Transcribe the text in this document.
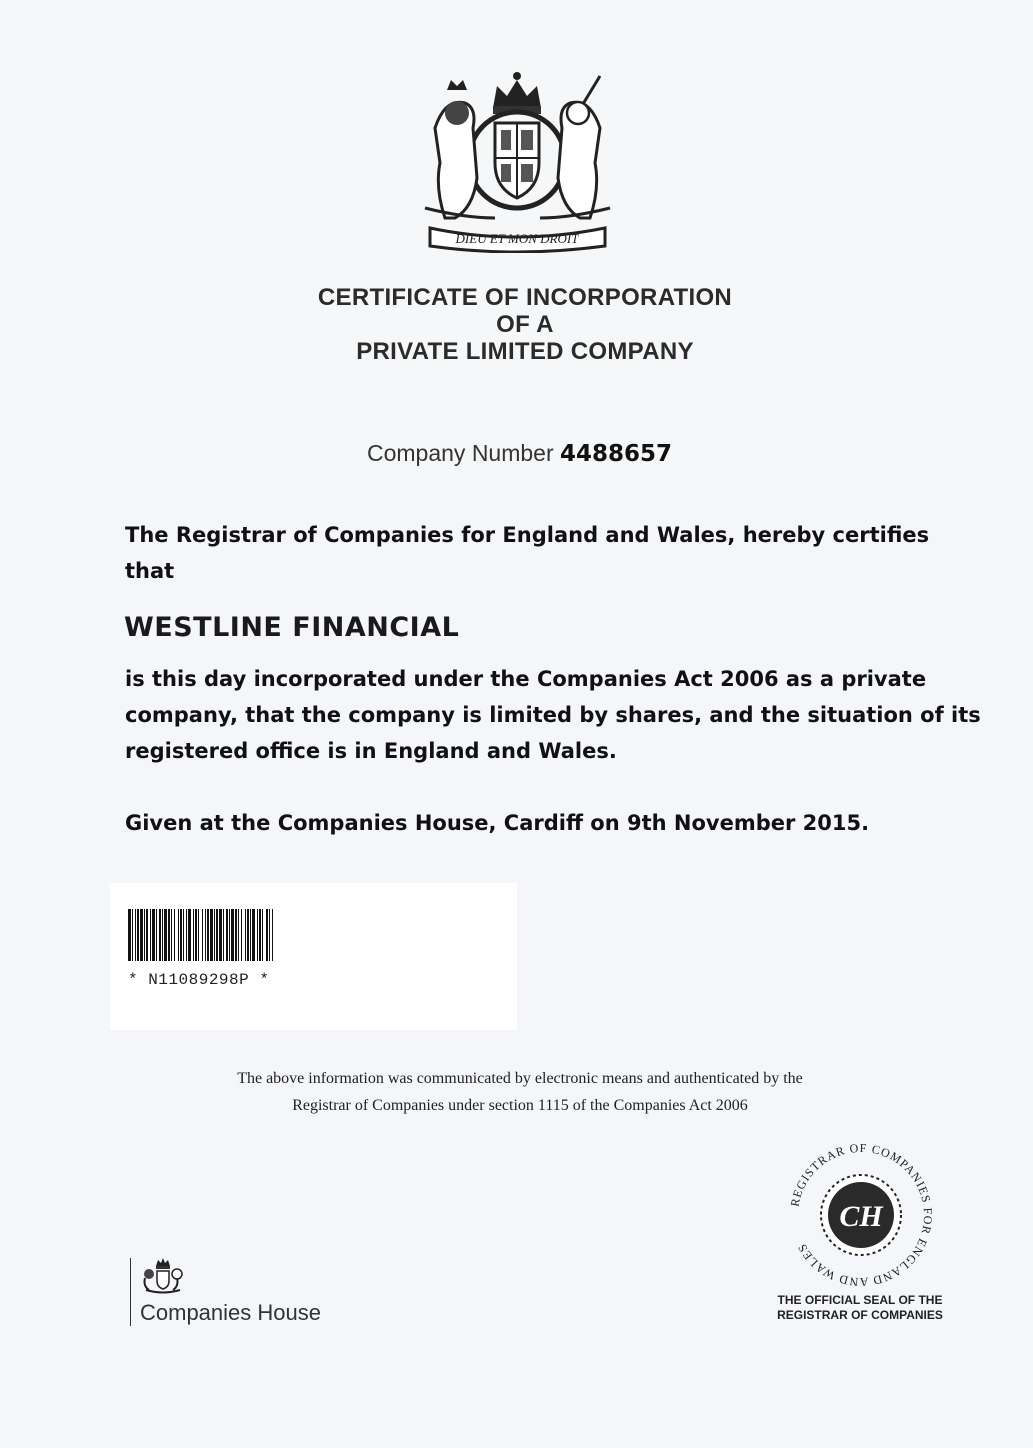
DIEU ET MON DROIT
CERTIFICATE OF INCORPORATION
OF A
PRIVATE LIMITED COMPANY
Company Number 4488657
The Registrar of Companies for England and Wales, hereby certifies
that
WESTLINE FINANCIAL
is this day incorporated under the Companies Act 2006 as a private
company, that the company is limited by shares, and the situation of its
registered office is in England and Wales.
Given at the Companies House, Cardiff on 9th November 2015.
* N11089298P *
The above information was communicated by electronic means and authenticated by the
Registrar of Companies under section 1115 of the Companies Act 2006
Companies House
REGISTRAR OF COMPANIES FOR ENGLAND AND WALES
CH
THE OFFICIAL SEAL OF THE
REGISTRAR OF COMPANIES
